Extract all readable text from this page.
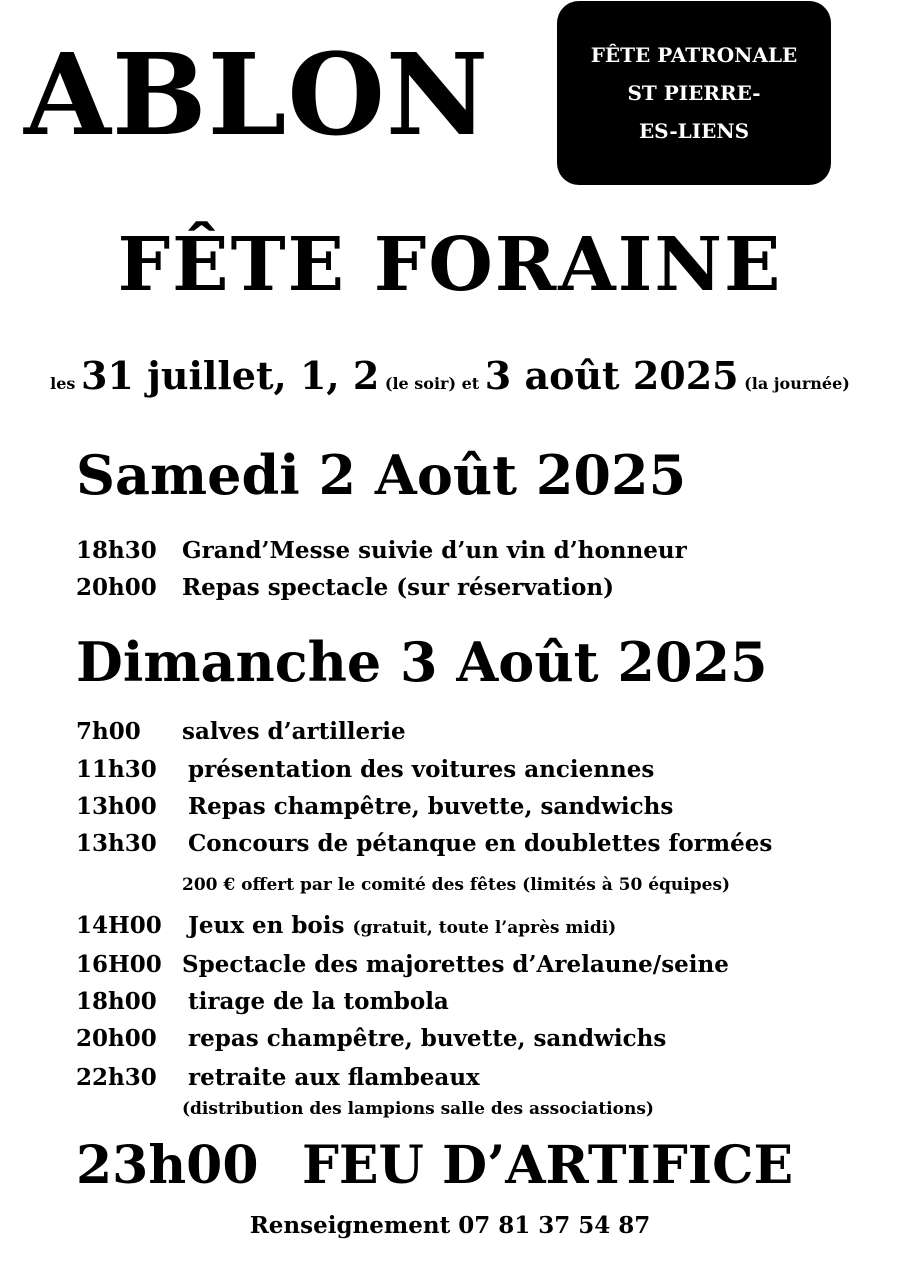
ABLON	FÊTE PATRONALE
ST PIERRE-
ES-LIENS
FÊTE FORAINE
les 31 juillet, 1, 2 (le soir) et 3 août 2025 (la journée)
Samedi 2 Août 2025
18h30 Grand’Messe suivie d’un vin d’honneur
20h00 Repas spectacle (sur réservation)
Dimanche 3 Août 2025
7h00 salves d’artillerie
11h30 présentation des voitures anciennes
13h00 Repas champêtre, buvette, sandwichs
13h30 Concours de pétanque en doublettes formées
200 € offert par le comité des fêtes (limités à 50 équipes)
14H00 Jeux en bois (gratuit, toute l’après midi)
16H00 Spectacle des majorettes d’Arelaune/seine
18h00 tirage de la tombola
20h00 repas champêtre, buvette, sandwichs
22h30 retraite aux flambeaux
(distribution des lampions salle des associations)
23h00 FEU D’ARTIFICE
Renseignement 07 81 37 54 87
